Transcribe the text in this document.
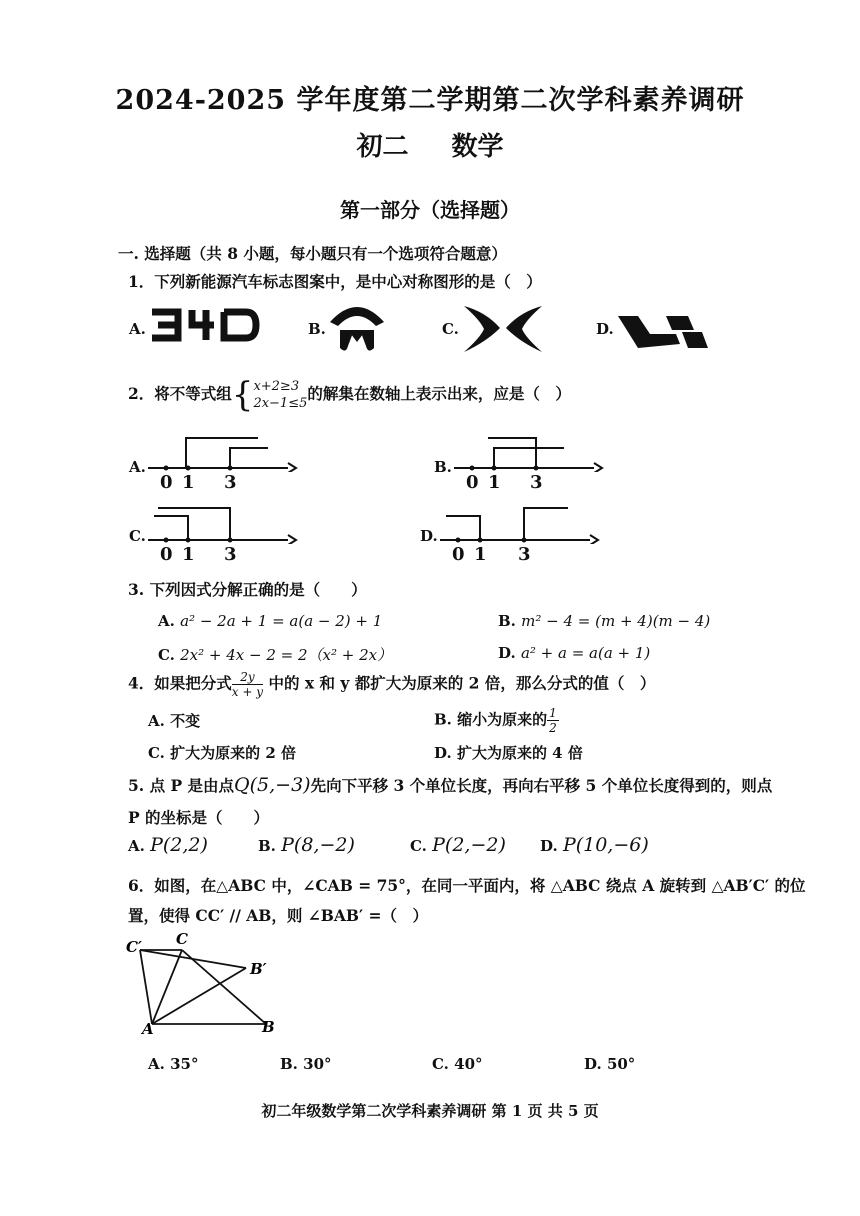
2024-2025 学年度第二学期第二次学科素养调研
初二 数学
第一部分（选择题）
一. 选择题（共 8 小题，每小题只有一个选项符合题意）
1．下列新能源汽车标志图案中，是中心对称图形的是（　）
A.	B.	C.	D.
2．将不等式组{ x+2≥3
2x−1≤5
的解集在数轴上表示出来，应是（　）
A.
0 1 3
B.
0 1 3
C.
0 1 3
D.
0 1 3
3. 下列因式分解正确的是（　　）
A. a² − 2a + 1 = a(a − 2) + 1	B. m² − 4 = (m + 4)(m − 4)
C. 2x² + 4x − 2 = 2（x² + 2x）	D. a² + a = a(a + 1)
4．如果把分式 $\frac{2y}{x + y}$ 中的 x 和 y 都扩大为原来的 2 倍，那么分式的值（　）
A. 不变	B. 缩小为原来的 $\frac{1}{2}$
C. 扩大为原来的 2 倍	D. 扩大为原来的 4 倍
5. 点 P 是由点Q(5,−3)先向下平移 3 个单位长度，再向右平移 5 个单位长度得到的，则点
P 的坐标是（　　）
A. P(2,2)	B. P(8,−2)	C. P(2,−2) D. P(10,−6)
6．如图，在△ABC 中，∠CAB = 75°，在同一平面内，将 △ABC 绕点 A 旋转到 △AB′C′ 的位
置，使得 CC′ // AB，则 ∠BAB′ =（　）
C′ C
B′
A	B
A. 35°	B. 30°	C. 40°	D. 50°
初二年级数学第二次学科素养调研 第 1 页 共 5 页
